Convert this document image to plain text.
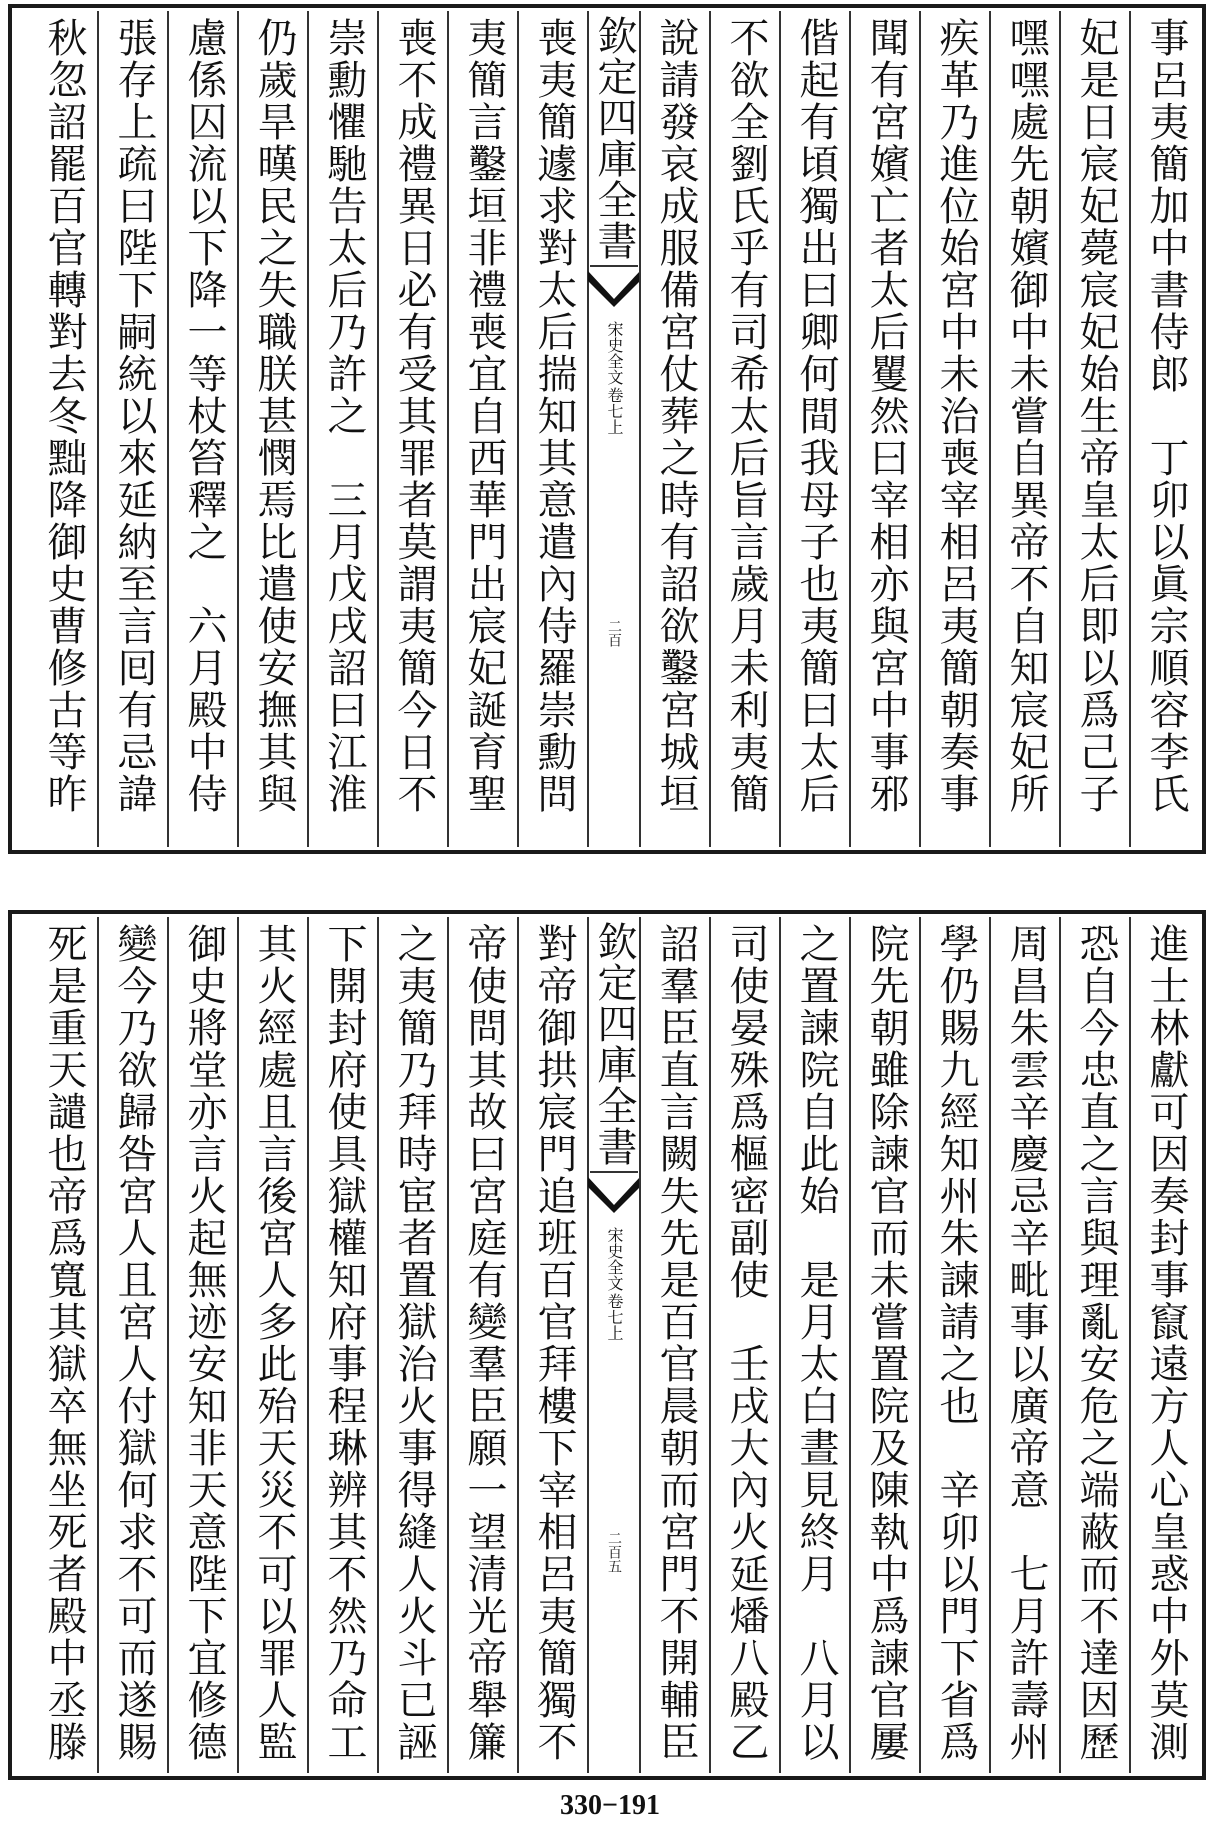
事呂夷簡加中書侍郎　丁卯以眞宗順容李氏
妃是日宸妃薨宸妃始生帝皇太后即以爲己子
嘿嘿處先朝嬪御中未嘗自異帝不自知宸妃所
疾革乃進位始宮中未治喪宰相呂夷簡朝奏事
聞有宮嬪亡者太后矍然曰宰相亦與宮中事邪
偕起有頃獨出曰卿何間我母子也夷簡曰太后
不欲全劉氏乎有司希太后旨言歲月未利夷簡
說請發哀成服備宮仗葬之時有詔欲鑿宮城垣
欽定四庫全書
宋史全文
卷七上
二百
喪夷簡遽求對太后揣知其意遣內侍羅崇勳問
夷簡言鑿垣非禮喪宜自西華門出宸妃誕育聖
喪不成禮異日必有受其罪者莫謂夷簡今日不
崇勳懼馳告太后乃許之　三月戊戌詔曰江淮
仍歲旱暵民之失職朕甚憫焉比遣使安撫其與
慮係囚流以下降一等杖笞釋之　六月殿中侍
張存上疏曰陛下嗣統以來延納至言囘有忌諱
秋忽詔罷百官轉對去冬黜降御史曹修古等昨
進士林獻可因奏封事竄遠方人心皇惑中外莫測
恐自今忠直之言與理亂安危之端蔽而不達因歷
周昌朱雲辛慶忌辛毗事以廣帝意　七月許壽州
學仍賜九經知州朱諫請之也　辛卯以門下省爲
院先朝雖除諫官而未嘗置院及陳執中爲諫官屢
之置諫院自此始　是月太白晝見終月　八月以
司使晏殊爲樞密副使　壬戌大內火延燔八殿乙
詔羣臣直言闕失先是百官晨朝而宮門不開輔臣
欽定四庫全書
宋史全文
卷七上
二百五
對帝御拱宸門追班百官拜樓下宰相呂夷簡獨不
帝使問其故曰宮庭有變羣臣願一望清光帝舉簾
之夷簡乃拜時宦者置獄治火事得縫人火斗已誣
下開封府使具獄權知府事程琳辨其不然乃命工
其火經處且言後宮人多此殆天災不可以罪人監
御史將堂亦言火起無迹安知非天意陛下宜修德
變今乃欲歸咎宮人且宮人付獄何求不可而遂賜
死是重天譴也帝爲寬其獄卒無坐死者殿中丞滕
330−191
